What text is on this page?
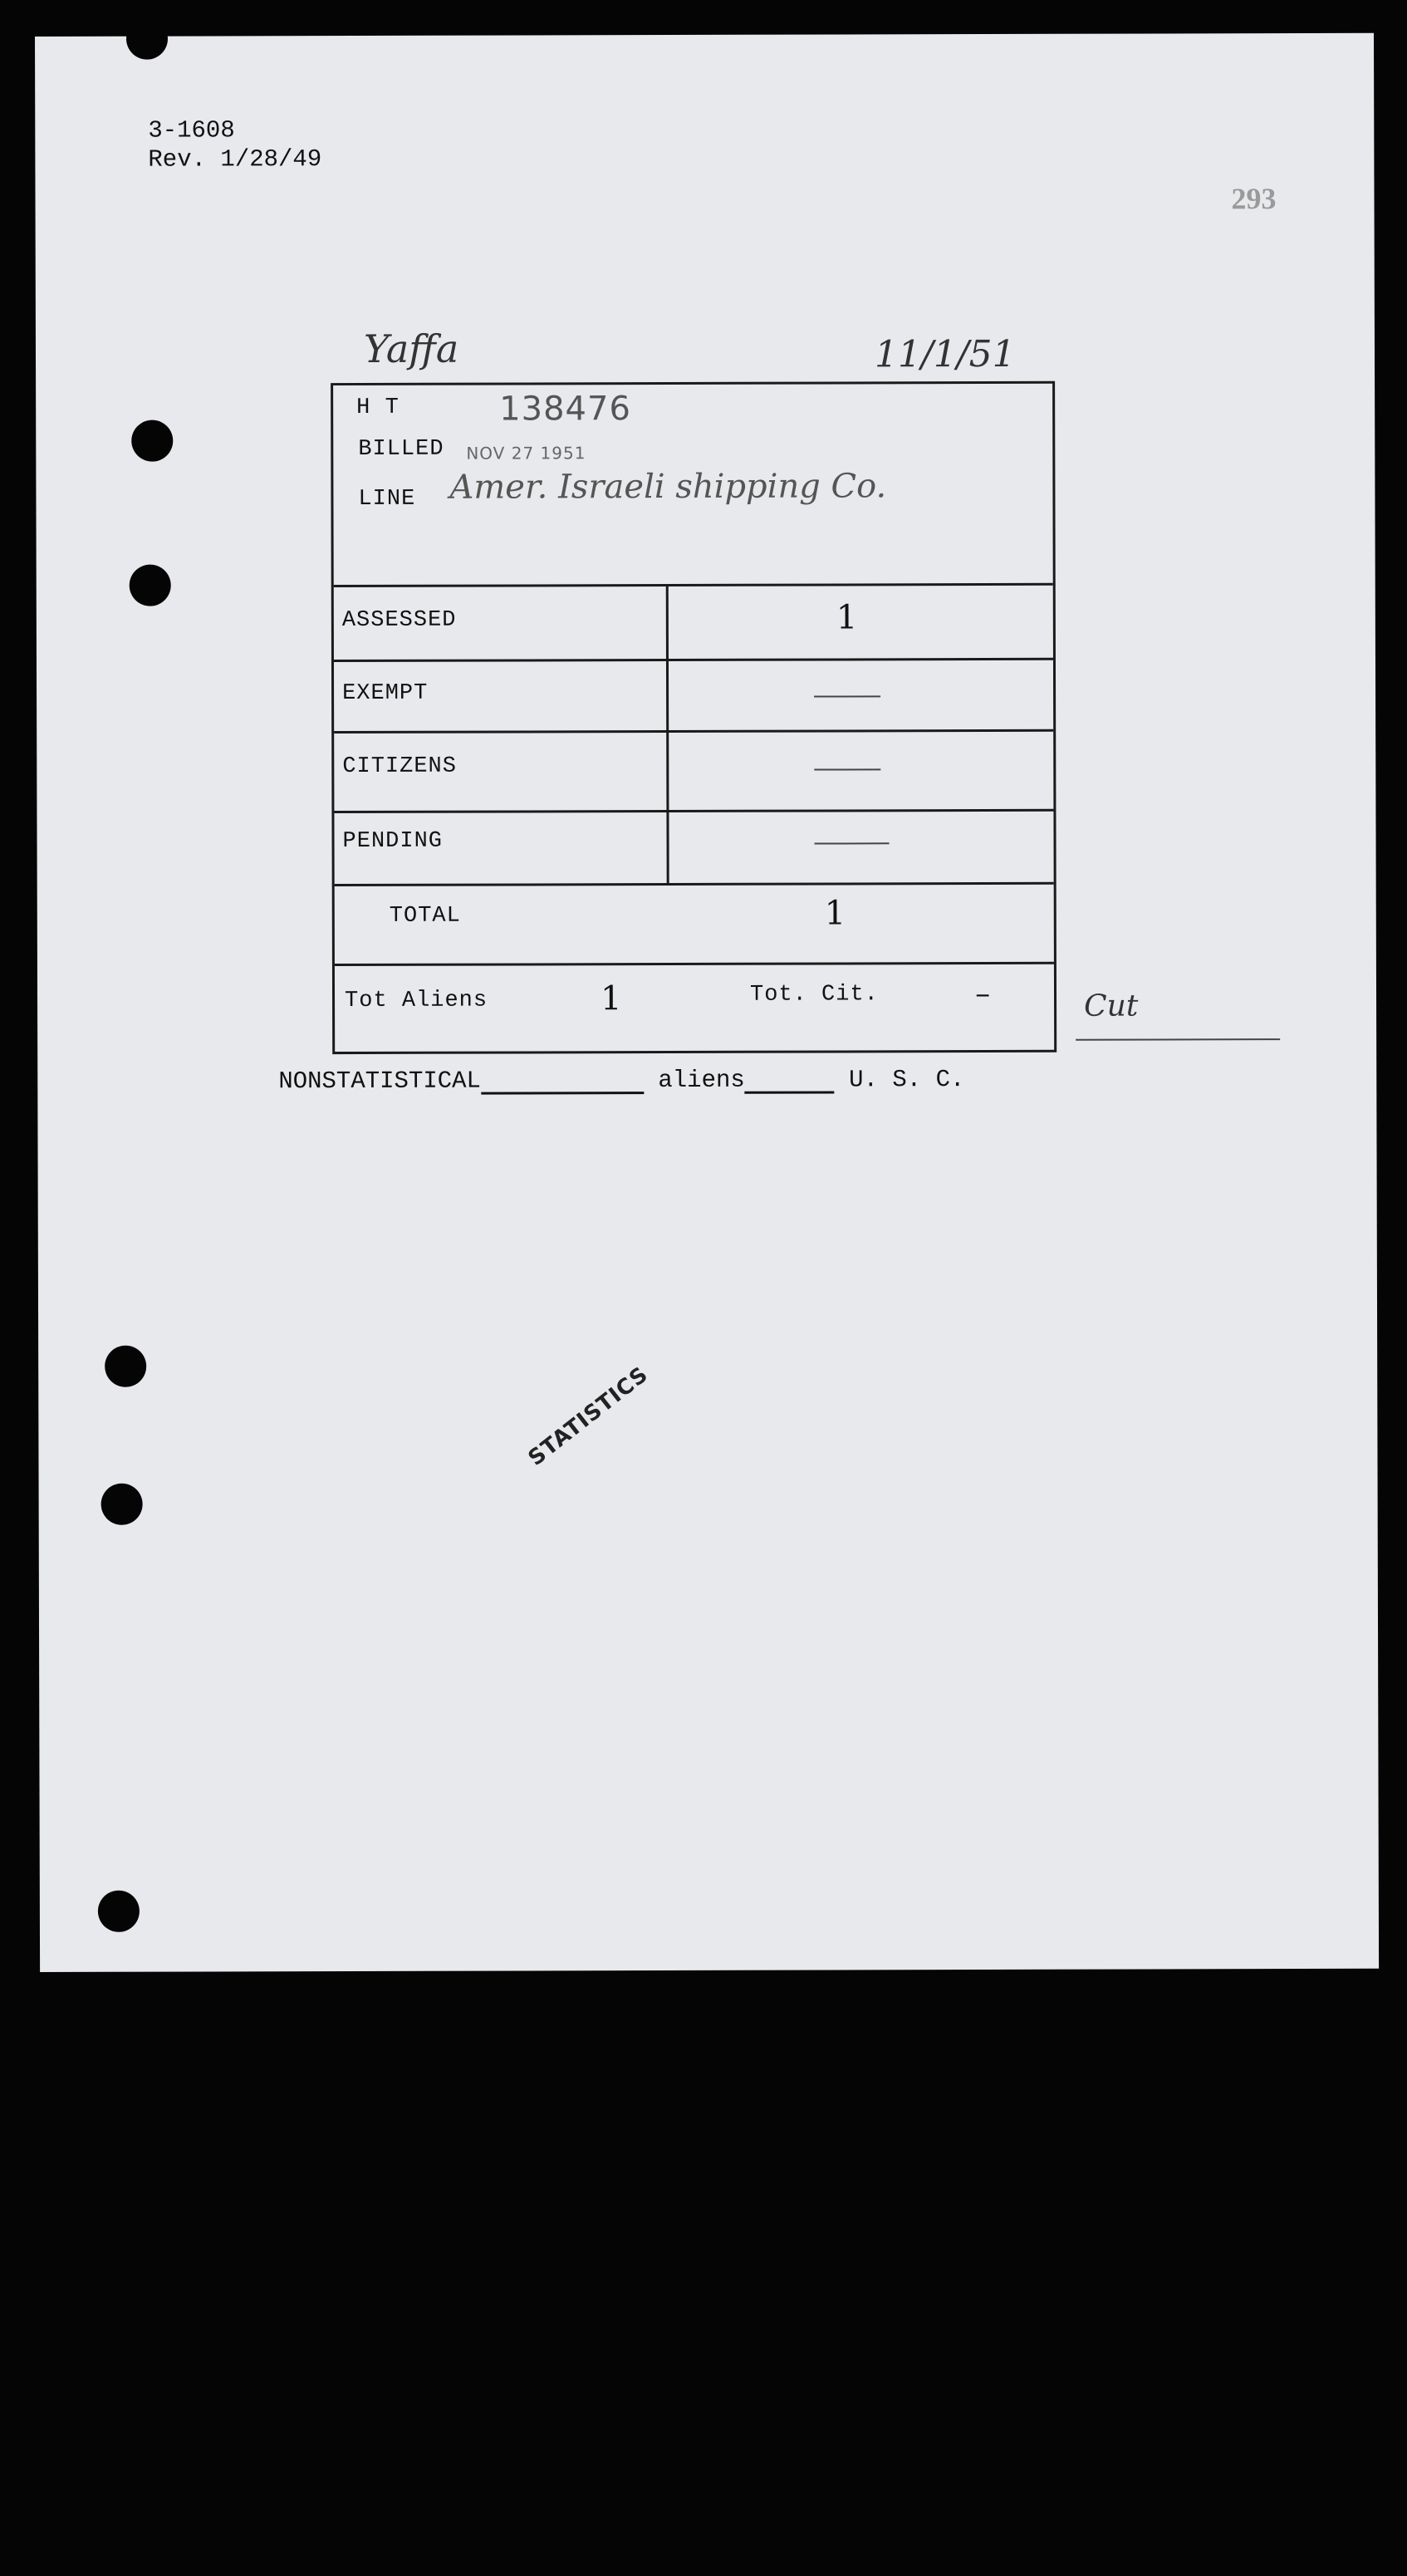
3-1608
Rev. 1/28/49
293
Yaffa	11/1/51
H T	138476
BILLED NOV 27 1951
LINE Amer. Israeli shipping Co.
ASSESSED	1
EXEMPT
CITIZENS
PENDING
TOTAL	1
Tot Aliens	1	Tot. Cit.	–	Cut
NONSTATISTICAL	aliens	U. S. C.
STATISTICS
